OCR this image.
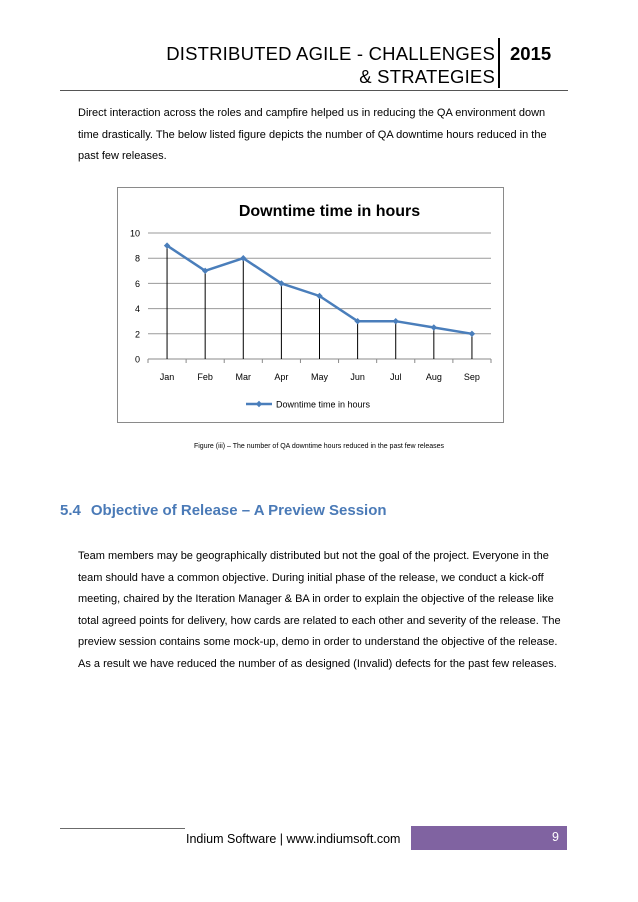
DISTRIBUTED AGILE - CHALLENGES
& STRATEGIES
2015

Direct interaction across the roles and campfire helped us in reducing the QA environment down

time drastically. The below listed figure depicts the number of QA downtime hours reduced in the

past few releases.

Downtime time in hours
0
2
4
6
8
10
Jan	Feb	Mar	Apr	May Jun	Jul	Aug Sep
Downtime time in hours
Figure (iii) – The number of QA downtime hours reduced in the past few releases
5.4 Objective of Release – A Preview Session

Team members may be geographically distributed but not the goal of the project. Everyone in the

team should have a common objective. During initial phase of the release, we conduct a kick-off

meeting, chaired by the Iteration Manager & BA in order to explain the objective of the release like

total agreed points for delivery, how cards are related to each other and severity of the release. The

preview session contains some mock-up, demo in order to understand the objective of the release.

As a result we have reduced the number of as designed (Invalid) defects for the past few releases.

Indium Software | www.indiumsoft.com	9
